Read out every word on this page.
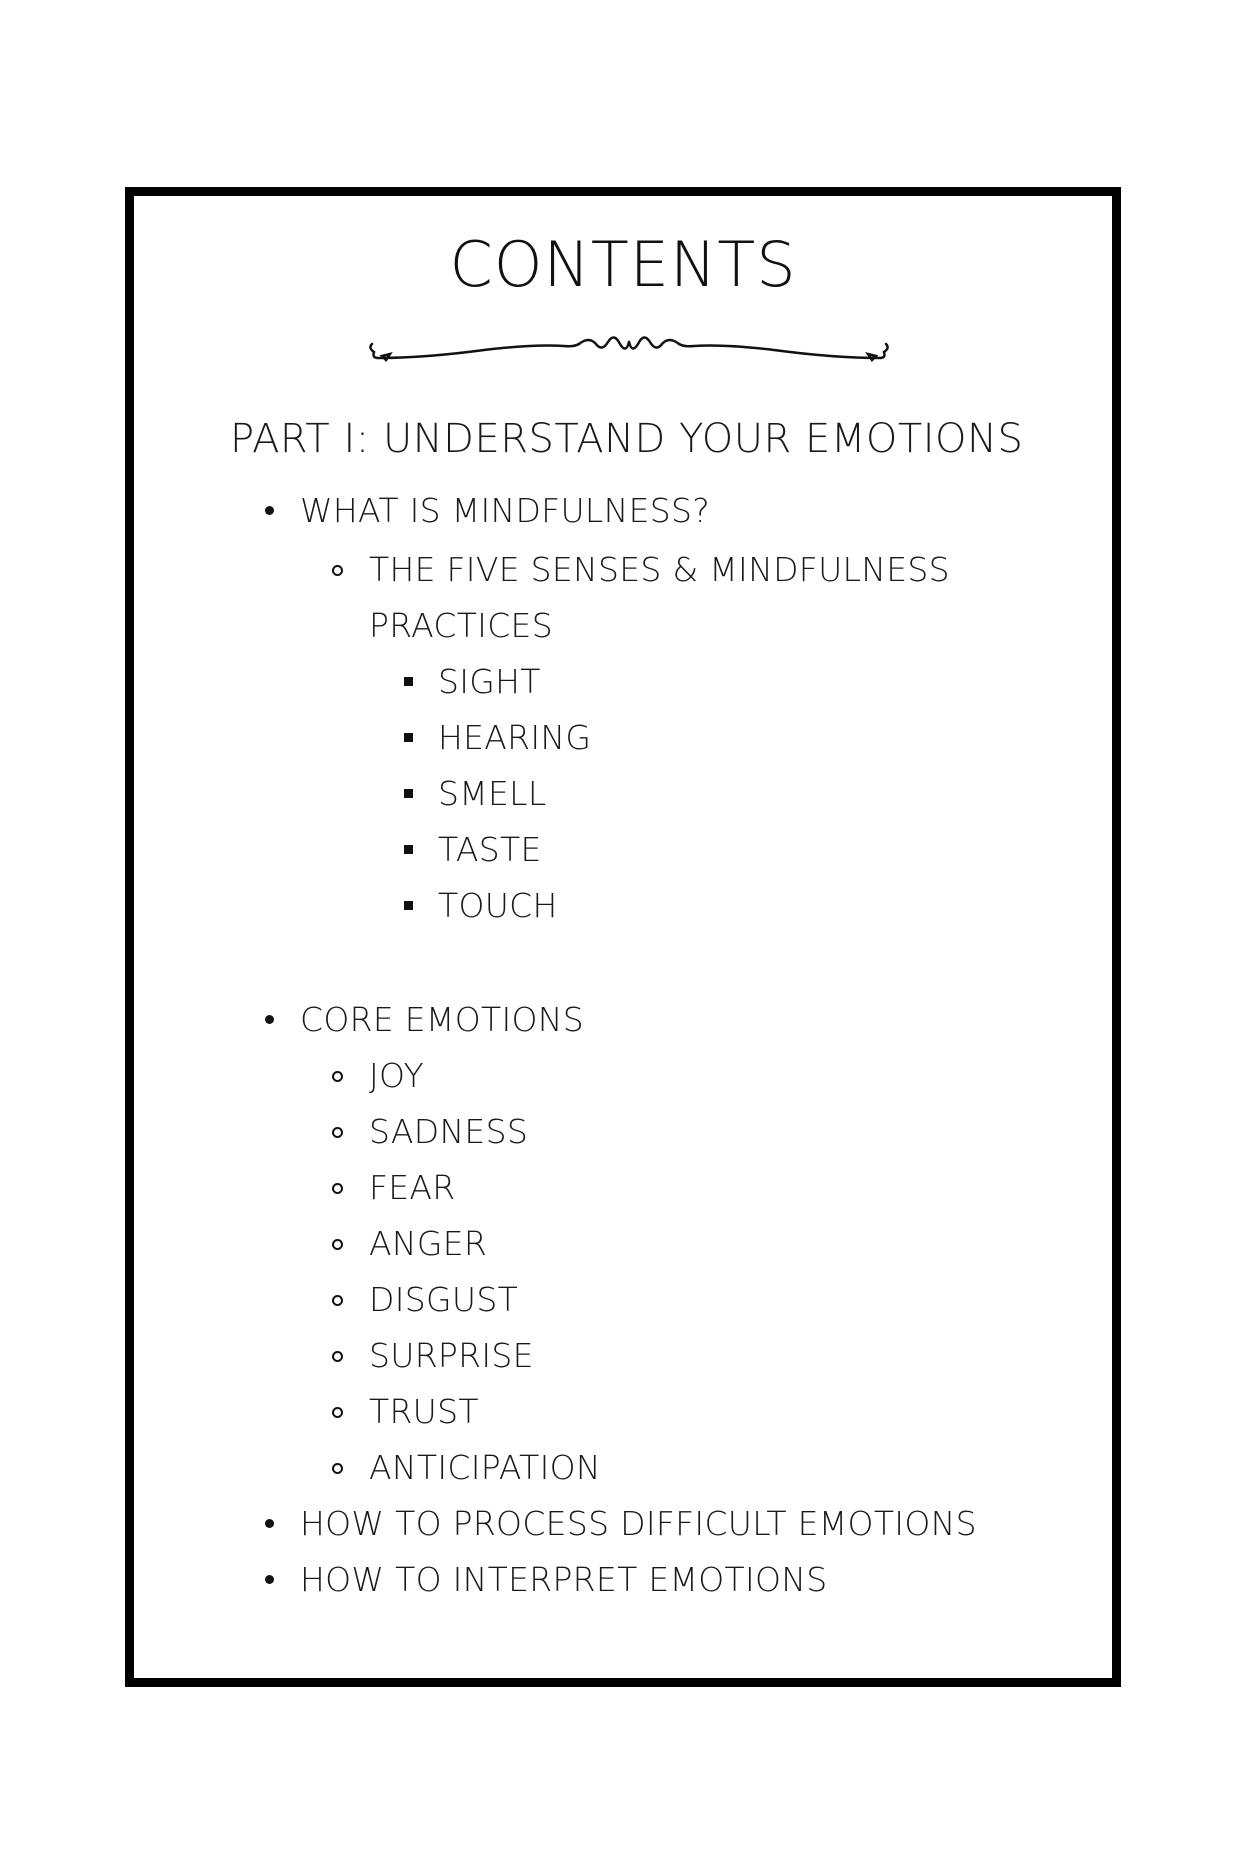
CONTENTS
PART I: UNDERSTAND YOUR EMOTIONS
WHAT IS MINDFULNESS?
THE FIVE SENSES & MINDFULNESS
PRACTICES
SIGHT
HEARING
SMELL
TASTE
TOUCH
CORE EMOTIONS
JOY
SADNESS
FEAR
ANGER
DISGUST
SURPRISE
TRUST
ANTICIPATION
HOW TO PROCESS DIFFICULT EMOTIONS
HOW TO INTERPRET EMOTIONS
